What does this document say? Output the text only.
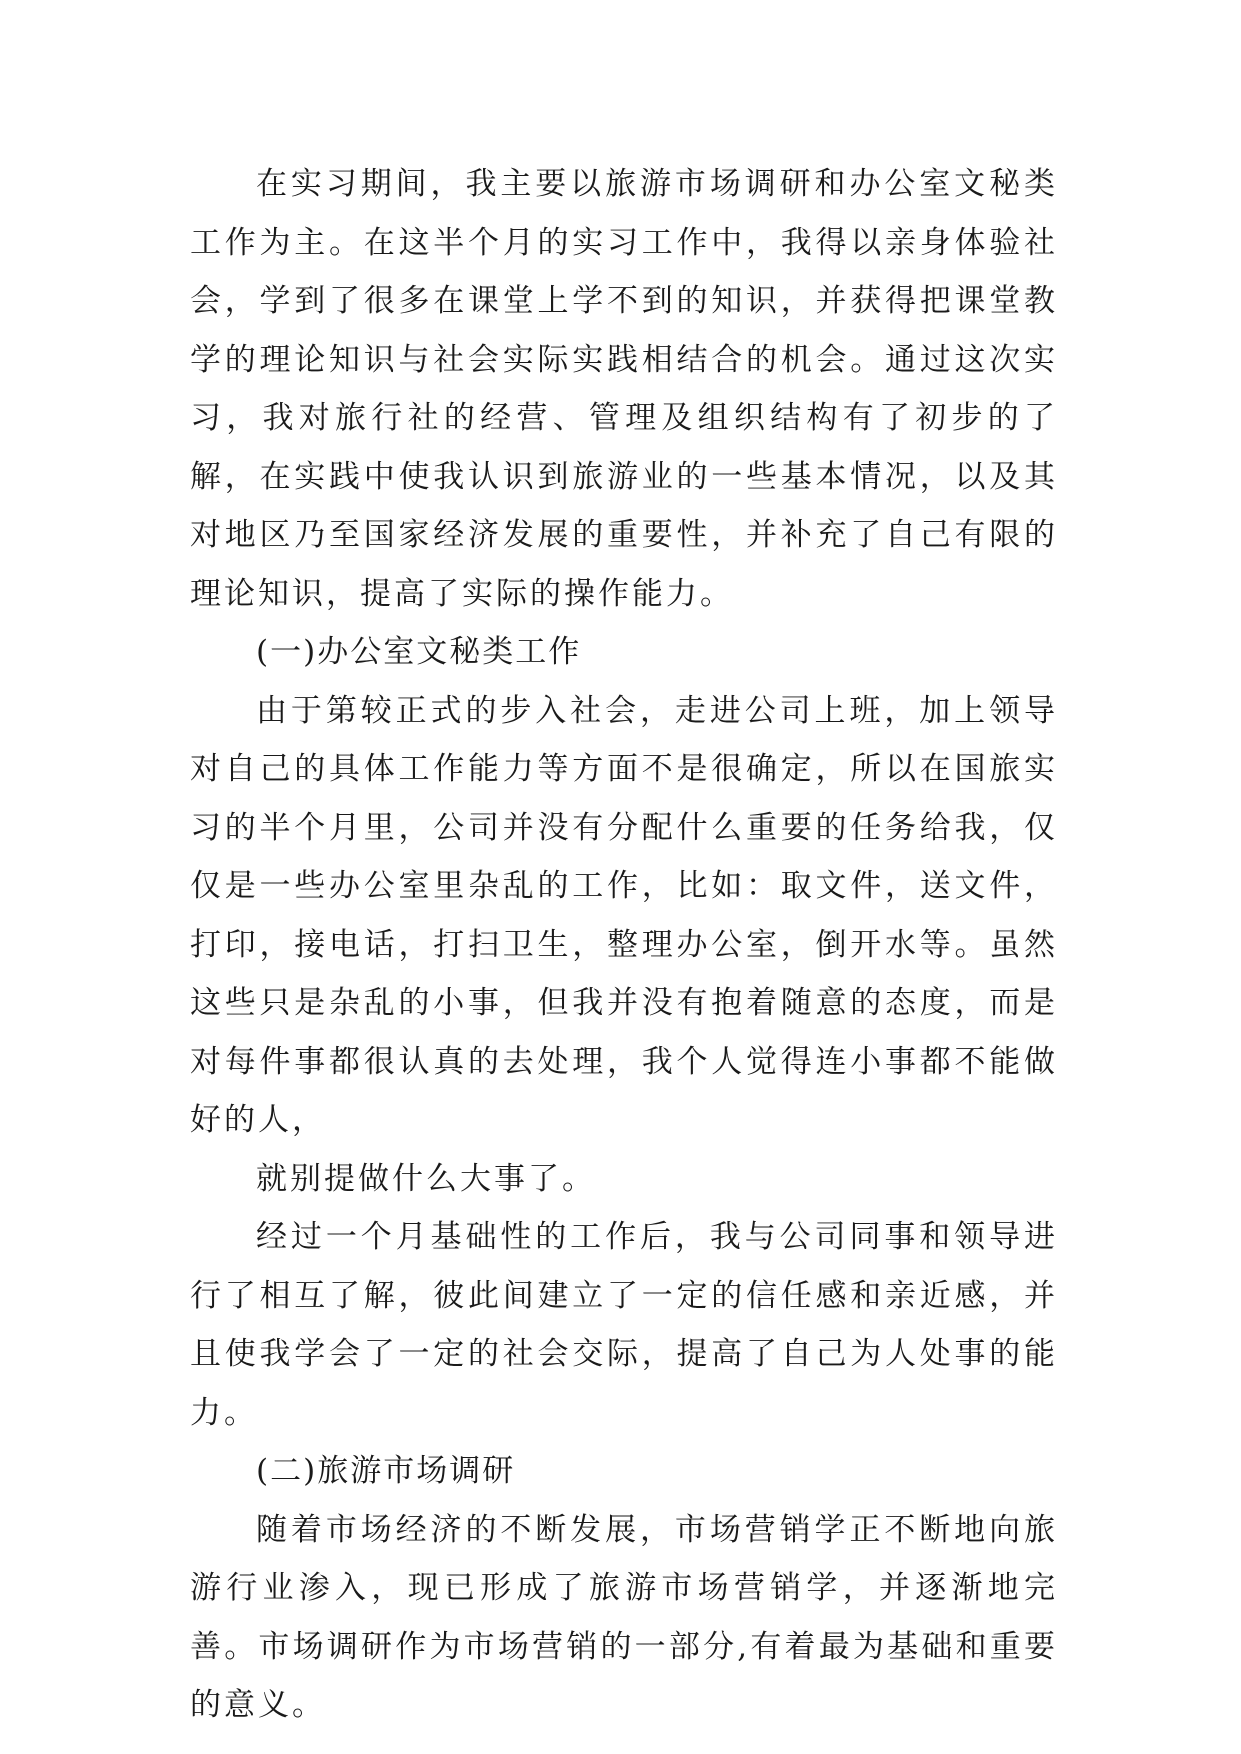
在实习期间，我主要以旅游市场调研和办公室文秘类工作为主。在这半个月的实习工作中，我得以亲身体验社会，学到了很多在课堂上学不到的知识，并获得把课堂教学的理论知识与社会实际实践相结合的机会。通过这次实习，我对旅行社的经营、管理及组织结构有了初步的了解，在实践中使我认识到旅游业的一些基本情况，以及其对地区乃至国家经济发展的重要性，并补充了自己有限的理论知识，提高了实际的操作能力。

(一)办公室文秘类工作

由于第较正式的步入社会，走进公司上班，加上领导对自己的具体工作能力等方面不是很确定，所以在国旅实习的半个月里，公司并没有分配什么重要的任务给我，仅仅是一些办公室里杂乱的工作，比如：取文件，送文件，打印，接电话，打扫卫生，整理办公室，倒开水等。虽然这些只是杂乱的小事，但我并没有抱着随意的态度，而是对每件事都很认真的去处理，我个人觉得连小事都不能做好的人，

就别提做什么大事了。

经过一个月基础性的工作后，我与公司同事和领导进行了相互了解，彼此间建立了一定的信任感和亲近感，并且使我学会了一定的社会交际，提高了自己为人处事的能力。

(二)旅游市场调研

随着市场经济的不断发展，市场营销学正不断地向旅游行业渗入，现已形成了旅游市场营销学，并逐渐地完善。市场调研作为市场营销的一部分,有着最为基础和重要的意义。
